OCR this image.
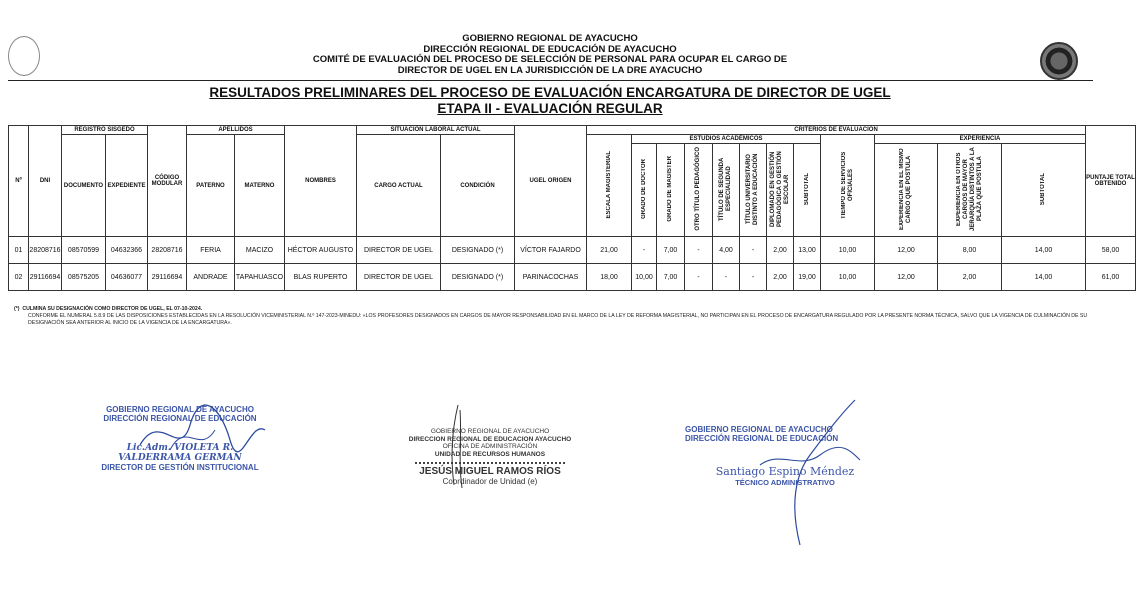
GOBIERNO REGIONAL DE AYACUCHO
DIRECCIÓN REGIONAL DE EDUCACIÓN DE AYACUCHO
COMITÉ DE EVALUACIÓN DEL PROCESO DE SELECCIÓN DE PERSONAL PARA OCUPAR EL CARGO DE
DIRECTOR DE UGEL EN LA JURISDICCIÓN DE LA DRE AYACUCHO
RESULTADOS PRELIMINARES DEL PROCESO DE EVALUACIÓN ENCARGATURA DE DIRECTOR DE UGEL
ETAPA II - EVALUACIÓN REGULAR
Nº	DNI	REGISTRO SISGEDO		CÓDIGO MODULAR	APELLIDOS		NOMBRES	SITUACIÓN LABORAL ACTUAL		UGEL ORIGEN	CRITERIOS DE EVALUACIÓN												PUNTAJE TOTAL OBTENIDO
		DOCUMENTO	EXPEDIENTE		PATERNO	MATERNO		CARGO ACTUAL	CONDICIÓN		ESCALA MAGISTERIAL	ESTUDIOS ACADÉMICOS							TIEMPO DE SERVICIOS OFICIALES	EXPERIENCIA			
												GRADO DE DOCTOR	GRADO DE MAGISTER	OTRO TÍTULO PEDAGÓGICO	TÍTULO DE SEGUNDA ESPECIALIDAD	TÍTULO UNIVERSITARIO DISTINTO A EDUCACIÓN	DIPLOMADO EN GESTIÓN PEDAGÓGICA O GESTIÓN ESCOLAR	SUBTOTAL		EXPERIENCIA EN EL MISMO CARGO QUE POSTULA	EXPERIENCIA EN OTROS CARGOS DE MAYOR JERARQUÍA DISTINTOS A LA PLAZA QUE POSTULA	SUBTOTAL	
01	28208716	08570599	04632366	28208716	FERIA	MACIZO	HÉCTOR AUGUSTO	DIRECTOR DE UGEL	DESIGNADO (*)	VÍCTOR FAJARDO	21,00	-	7,00	-	4,00	-	2,00	13,00	10,00	12,00	8,00	14,00	58,00
02	29116694	08575205	04636077	29116694	ANDRADE	TAPAHUASCO	BLAS RUPERTO	DIRECTOR DE UGEL	DESIGNADO (*)	PARINACOCHAS	18,00	10,00	7,00	-	-	-	2,00	19,00	10,00	12,00	2,00	14,00	61,00
(*) CULMINA SU DESIGNACIÓN COMO DIRECTOR DE UGEL, EL 07-10-2024.
CONFORME EL NUMERAL 5.8.9 DE LAS DISPOSICIONES ESTABLECIDAS EN LA RESOLUCIÓN VICEMINISTERIAL N.º 147-2023-MINEDU: «LOS PROFESORES DESIGNADOS EN CARGOS DE MAYOR RESPONSABILIDAD EN EL MARCO DE LA LEY DE REFORMA MAGISTERIAL, NO PARTICIPAN EN EL PROCESO DE ENCARGATURA REGULADO POR LA PRESENTE NORMA TÉCNICA, SALVO QUE LA VIGENCIA DE CULMINACIÓN DE SU DESIGNACIÓN SEA ANTERIOR AL INICIO DE LA VIGENCIA DE LA ENCARGATURA».
GOBIERNO REGIONAL DE AYACUCHO
DIRECCIÓN REGIONAL DE EDUCACIÓN
Lic.Adm. VIOLETA R. VALDERRAMA GERMAN
DIRECTOR DE GESTIÓN INSTITUCIONAL
GOBIERNO REGIONAL DE AYACUCHO
DIRECCION REGIONAL DE EDUCACION AYACUCHO
OFICINA DE ADMINISTRACIÓN
UNIDAD DE RECURSOS HUMANOS
JESÚS MIGUEL RAMOS RÍOS
Coordinador de Unidad (e)
GOBIERNO REGIONAL DE AYACUCHO
DIRECCIÓN REGIONAL DE EDUCACIÓN
Santiago Espino Méndez
TÉCNICO ADMINISTRATIVO
